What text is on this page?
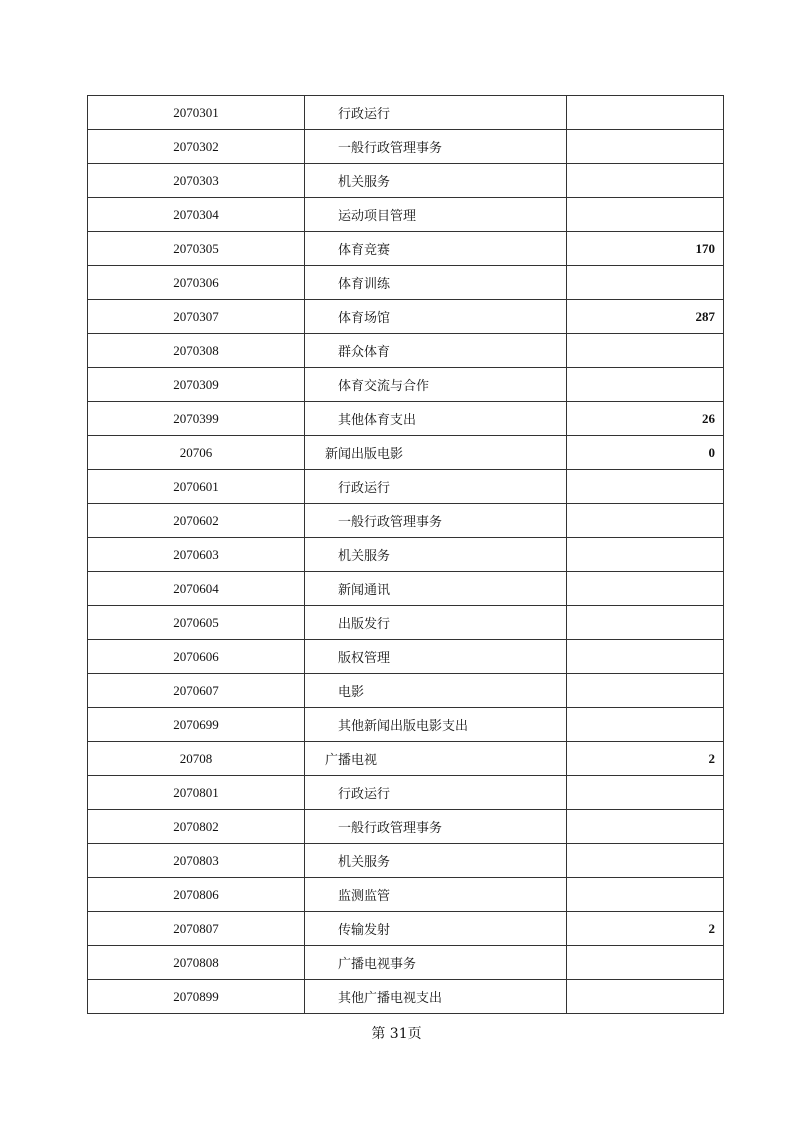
2070301	行政运行	
2070302	一般行政管理事务	
2070303	机关服务	
2070304	运动项目管理	
2070305	体育竞赛	170
2070306	体育训练	
2070307	体育场馆	287
2070308	群众体育	
2070309	体育交流与合作	
2070399	其他体育支出	26
20706	新闻出版电影	0
2070601	行政运行	
2070602	一般行政管理事务	
2070603	机关服务	
2070604	新闻通讯	
2070605	出版发行	
2070606	版权管理	
2070607	电影	
2070699	其他新闻出版电影支出	
20708	广播电视	2
2070801	行政运行	
2070802	一般行政管理事务	
2070803	机关服务	
2070806	监测监管	
2070807	传输发射	2
2070808	广播电视事务	
2070899	其他广播电视支出	
第 31页
